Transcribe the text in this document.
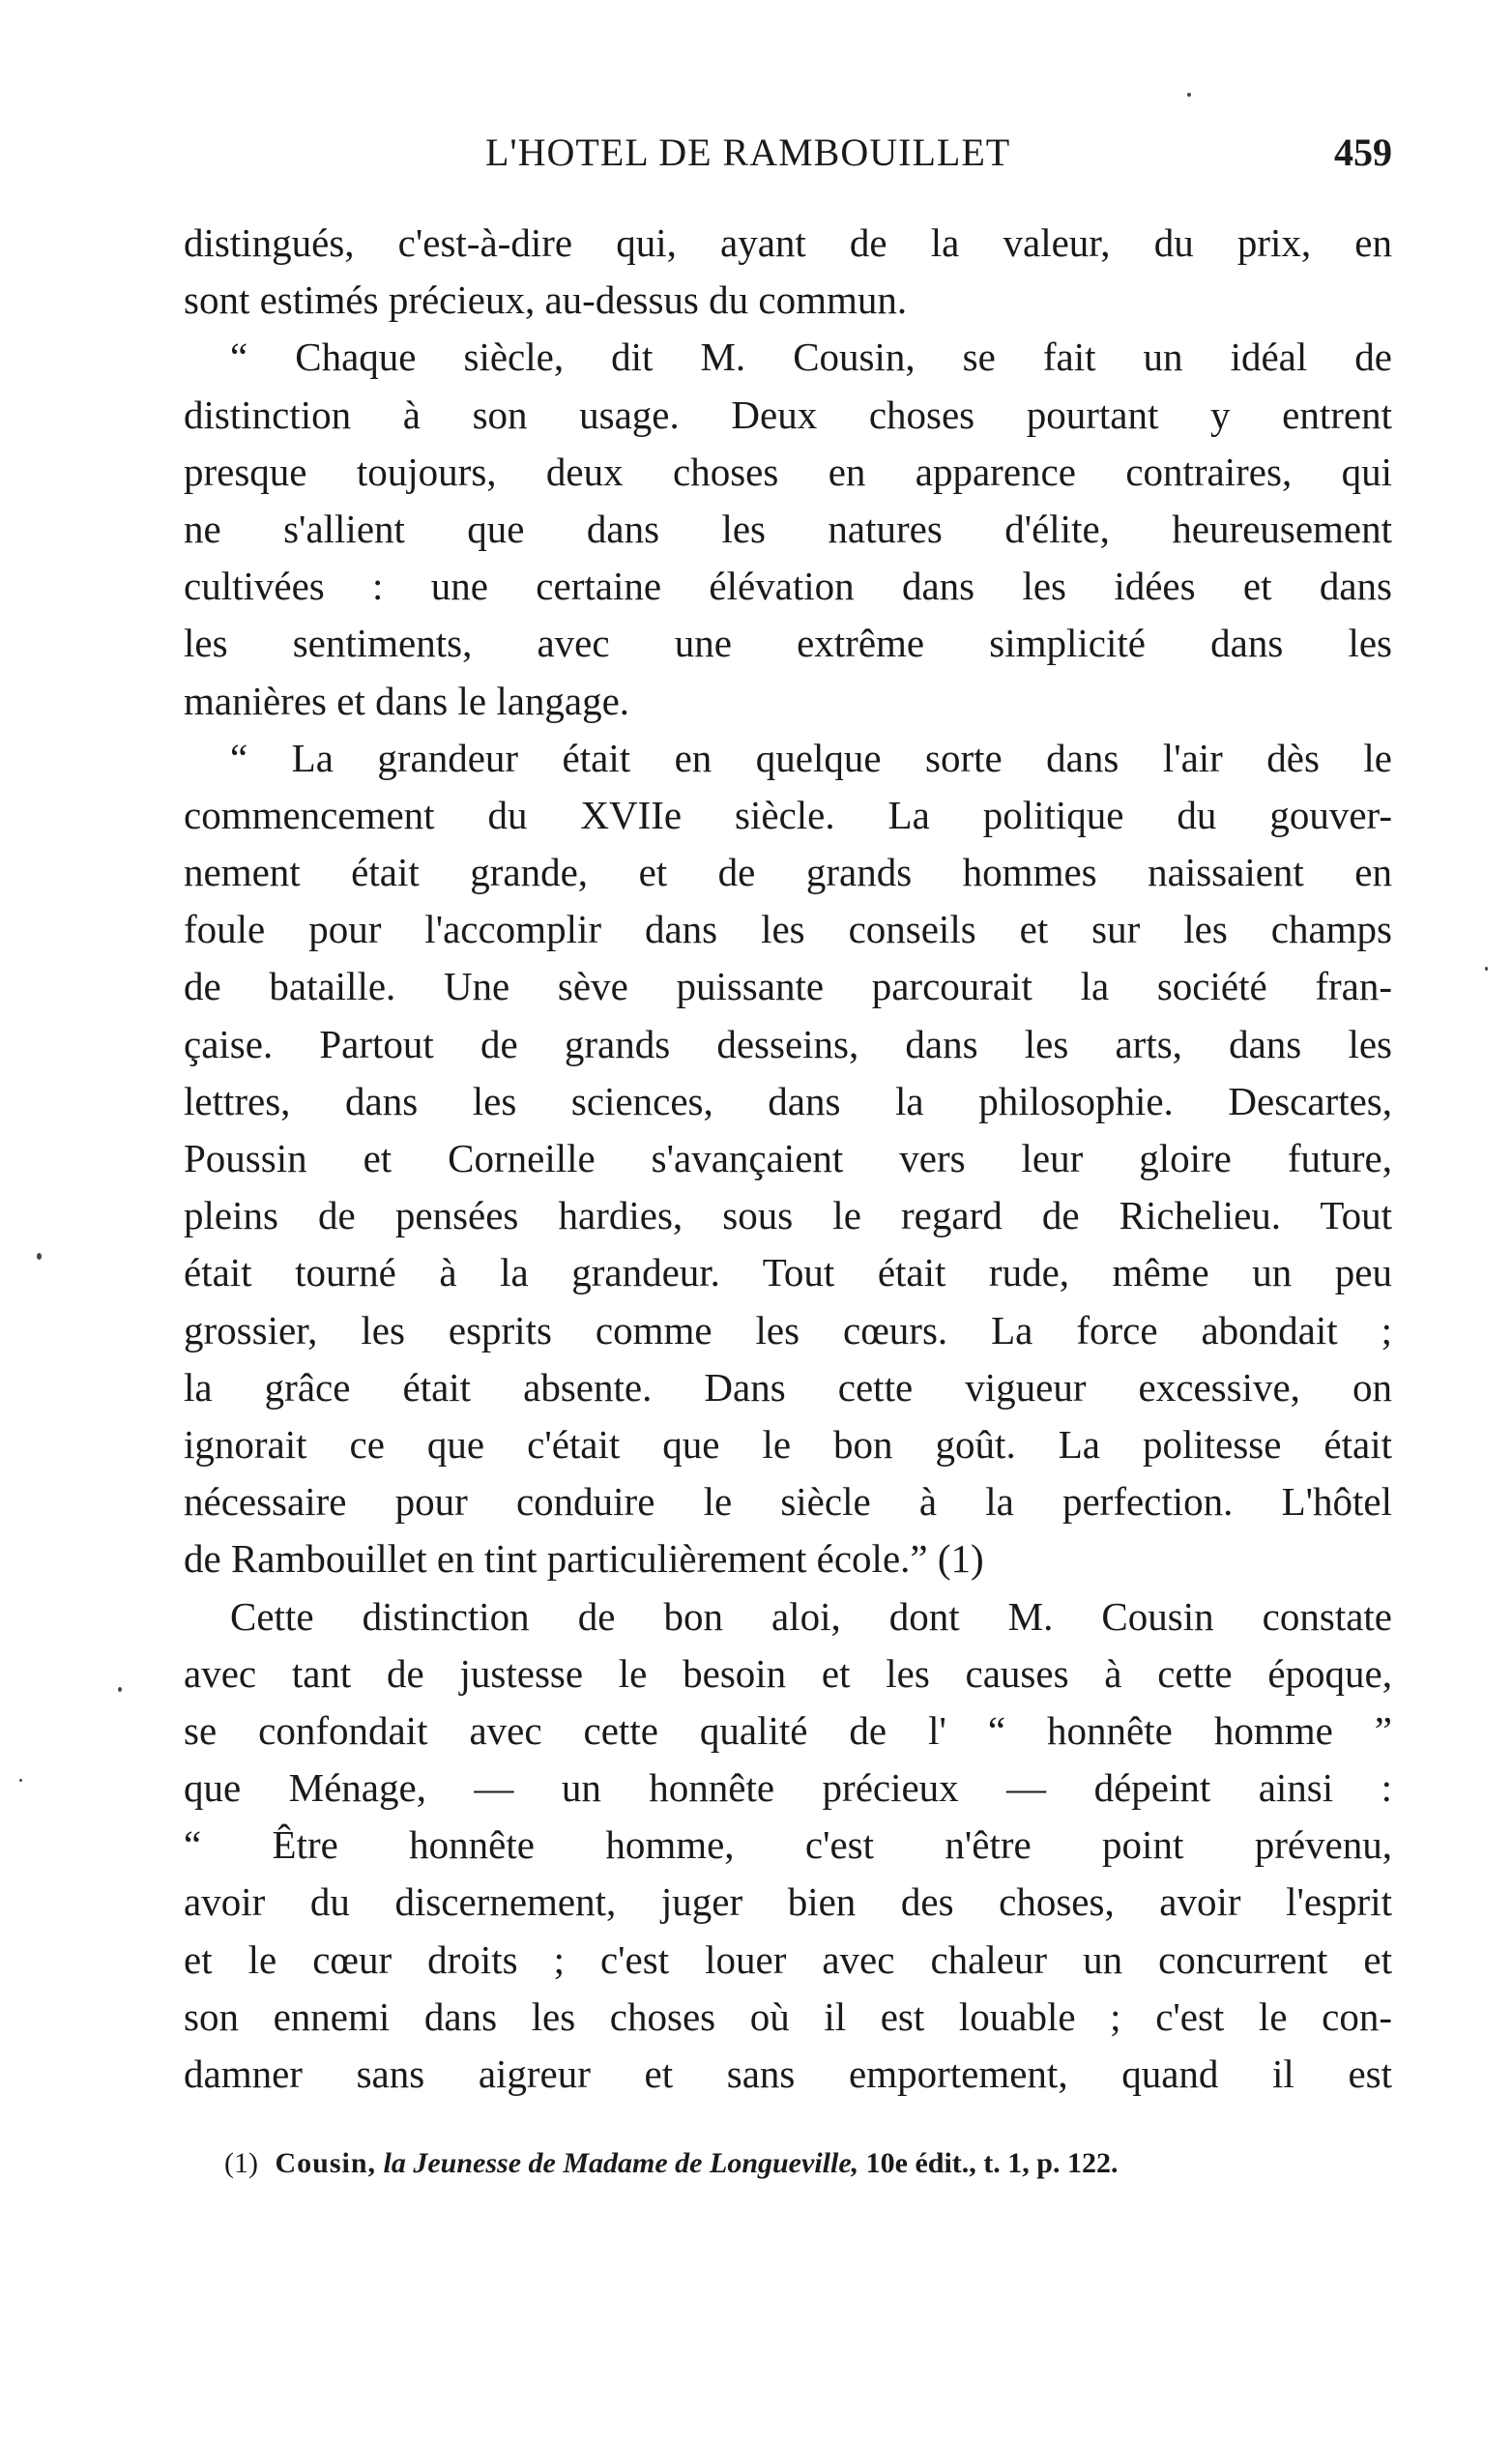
L'HOTEL DE RAMBOUILLET	459
distingués, c'est-à-dire qui, ayant de la valeur, du prix, en
sont estimés précieux, au-dessus du commun.
“ Chaque siècle, dit M. Cousin, se fait un idéal de
distinction à son usage. Deux choses pourtant y entrent
presque toujours, deux choses en apparence contraires, qui
ne s'allient que dans les natures d'élite, heureusement
cultivées : une certaine élévation dans les idées et dans
les sentiments, avec une extrême simplicité dans les
manières et dans le langage.
“ La grandeur était en quelque sorte dans l'air dès le
commencement du XVIIe siècle. La politique du gouver-
nement était grande, et de grands hommes naissaient en
foule pour l'accomplir dans les conseils et sur les champs
de bataille. Une sève puissante parcourait la société fran-
çaise. Partout de grands desseins, dans les arts, dans les
lettres, dans les sciences, dans la philosophie. Descartes,
Poussin et Corneille s'avançaient vers leur gloire future,
pleins de pensées hardies, sous le regard de Richelieu. Tout
était tourné à la grandeur. Tout était rude, même un peu
grossier, les esprits comme les cœurs. La force abondait ;
la grâce était absente. Dans cette vigueur excessive, on
ignorait ce que c'était que le bon goût. La politesse était
nécessaire pour conduire le siècle à la perfection. L'hôtel
de Rambouillet en tint particulièrement école.” (1)
Cette distinction de bon aloi, dont M. Cousin constate
avec tant de justesse le besoin et les causes à cette époque,
se confondait avec cette qualité de l' “ honnête homme ”
que Ménage, — un honnête précieux — dépeint ainsi :
“ Être honnête homme, c'est n'être point prévenu,
avoir du discernement, juger bien des choses, avoir l'esprit
et le cœur droits ; c'est louer avec chaleur un concurrent et
son ennemi dans les choses où il est louable ; c'est le con-
damner sans aigreur et sans emportement, quand il est
(1) Cousin, la Jeunesse de Madame de Longueville, 10e édit., t. 1, p. 122.
